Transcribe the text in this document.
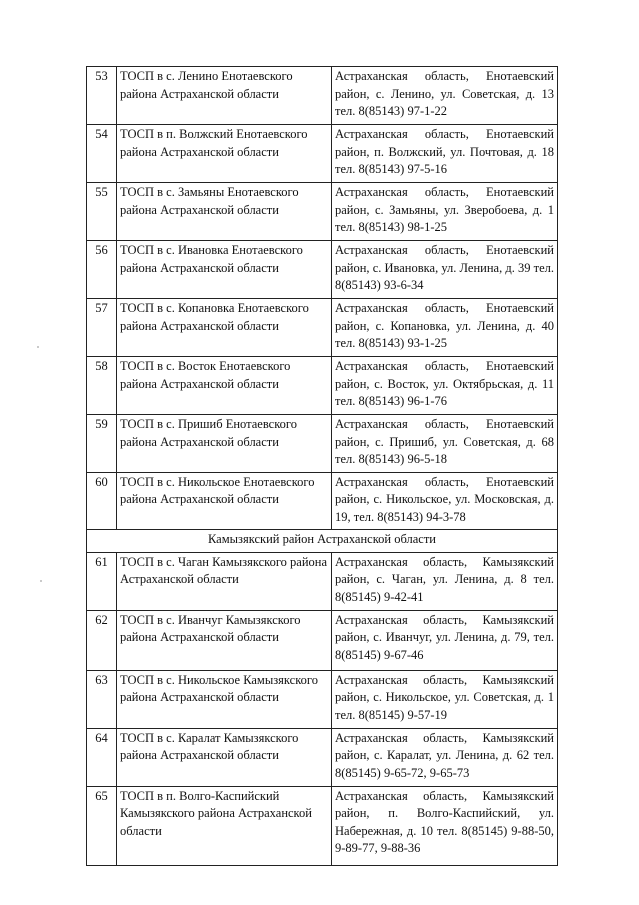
53	ТОСП в с. Ленино Енотаевского района Астраханской области	Астраханская область, Енотаевский район, с. Ленино, ул. Советская, д. 13 тел. 8(85143) 97-1-22
54	ТОСП в п. Волжский Енотаевского района Астраханской области	Астраханская область, Енотаевский район, п. Волжский, ул. Почтовая, д. 18 тел. 8(85143) 97-5-16
55	ТОСП в с. Замьяны Енотаевского района Астраханской области	Астраханская область, Енотаевский район, с. Замьяны, ул. Зверобоева, д. 1 тел. 8(85143) 98-1-25
56	ТОСП в с. Ивановка Енотаевского района Астраханской области	Астраханская область, Енотаевский район, с. Ивановка, ул. Ленина, д. 39 тел. 8(85143) 93-6-34
57	ТОСП в с. Копановка Енотаевского района Астраханской области	Астраханская область, Енотаевский район, с. Копановка, ул. Ленина, д. 40 тел. 8(85143) 93-1-25
58	ТОСП в с. Восток Енотаевского района Астраханской области	Астраханская область, Енотаевский район, с. Восток, ул. Октябрьская, д. 11 тел. 8(85143) 96-1-76
59	ТОСП в с. Пришиб Енотаевского района Астраханской области	Астраханская область, Енотаевский район, с. Пришиб, ул. Советская, д. 68 тел. 8(85143) 96-5-18
60	ТОСП в с. Никольское Енотаевского района Астраханской области	Астраханская область, Енотаевский район, с. Никольское, ул. Московская, д. 19, тел. 8(85143) 94-3-78
Камызякский район Астраханской области		
61	ТОСП в с. Чаган Камызякского района Астраханской области	Астраханская область, Камызякский район, с. Чаган, ул. Ленина, д. 8 тел. 8(85145) 9-42-41
62	ТОСП в с. Иванчуг Камызякского района Астраханской области	Астраханская область, Камызякский район, с. Иванчуг, ул. Ленина, д. 79, тел. 8(85145) 9-67-46
63	ТОСП в с. Никольское Камызякского района Астраханской области	Астраханская область, Камызякский район, с. Никольское, ул. Советская, д. 1 тел. 8(85145) 9-57-19
64	ТОСП в с. Каралат Камызякского района Астраханской области	Астраханская область, Камызякский район, с. Каралат, ул. Ленина, д. 62 тел. 8(85145) 9-65-72, 9-65-73
65	ТОСП в п. Волго-Каспийский Камызякского района Астраханской области	Астраханская область, Камызякский район, п. Волго-Каспийский, ул. Набережная, д. 10 тел. 8(85145) 9-88-50, 9-89-77, 9-88-36
